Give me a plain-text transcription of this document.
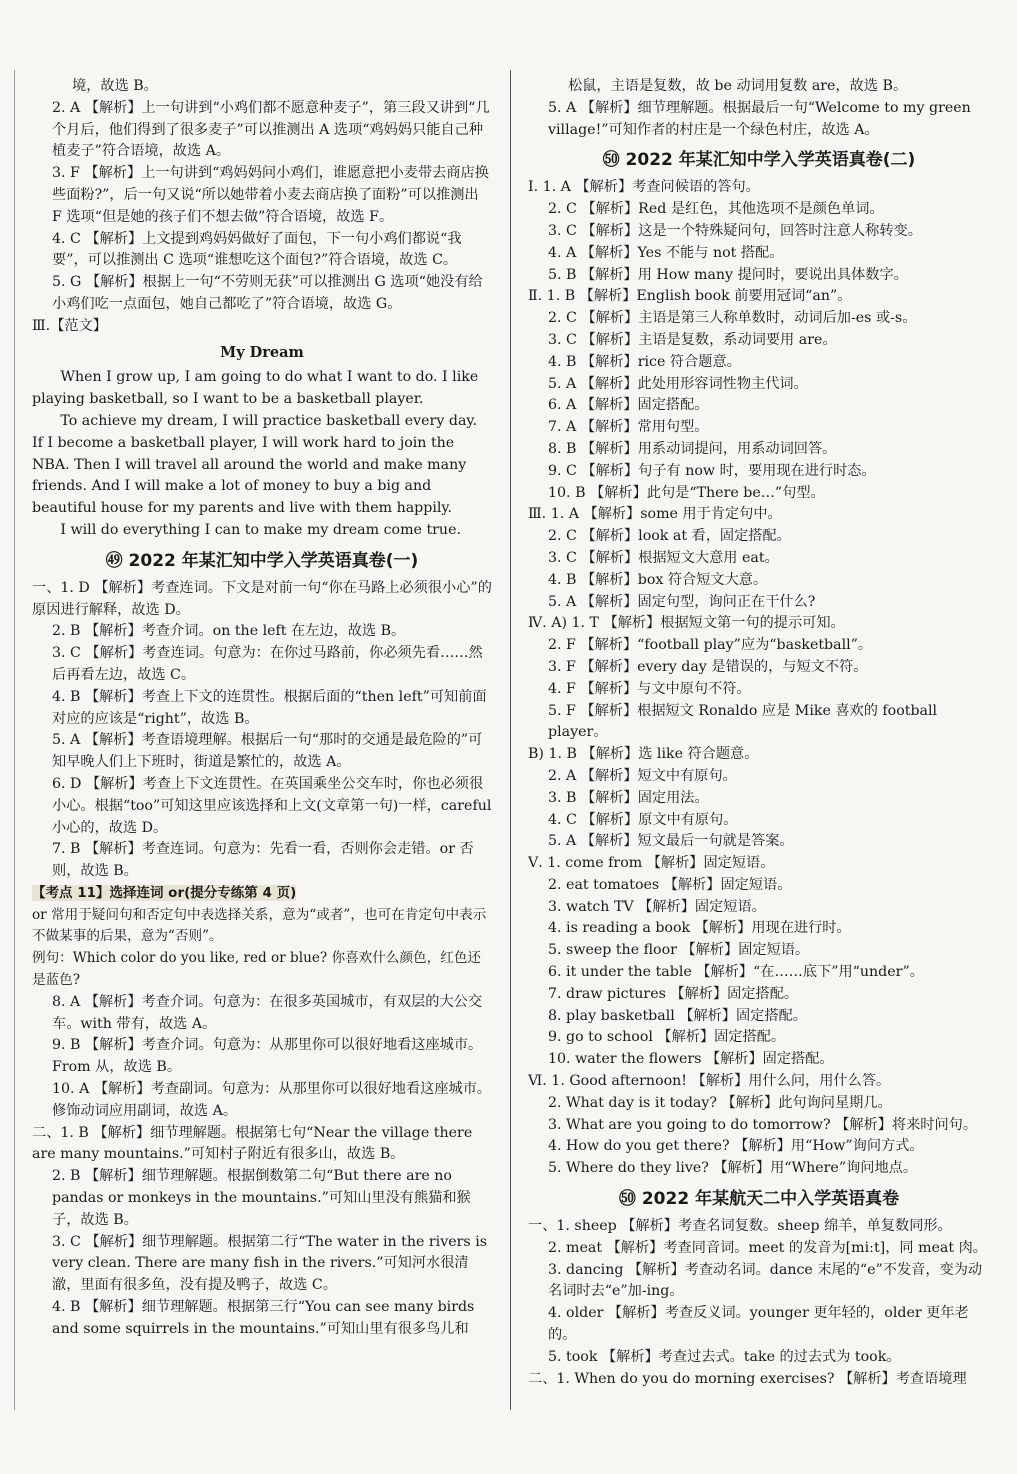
境，故选 B。
2. A 【解析】上一句讲到“小鸡们都不愿意种麦子”，第三段又讲到“几个月后，他们得到了很多麦子”可以推测出 A 选项“鸡妈妈只能自己种植麦子”符合语境，故选 A。
3. F 【解析】上一句讲到“鸡妈妈问小鸡们，谁愿意把小麦带去商店换些面粉?”，后一句又说“所以她带着小麦去商店换了面粉”可以推测出 F 选项“但是她的孩子们不想去做”符合语境，故选 F。
4. C 【解析】上文提到鸡妈妈做好了面包，下一句小鸡们都说“我要”，可以推测出 C 选项“谁想吃这个面包?”符合语境，故选 C。
5. G 【解析】根据上一句“不劳则无获”可以推测出 G 选项“她没有给小鸡们吃一点面包，她自己都吃了”符合语境，故选 G。
Ⅲ.【范文】
My Dream
When I grow up, I am going to do what I want to do. I like playing basketball, so I want to be a basketball player.
To achieve my dream, I will practice basketball every day. If I become a basketball player, I will work hard to join the NBA. Then I will travel all around the world and make many friends. And I will make a lot of money to buy a big and beautiful house for my parents and live with them happily.
I will do everything I can to make my dream come true.
㊾ 2022 年某汇知中学入学英语真卷(一)
一、1. D 【解析】考查连词。下文是对前一句“你在马路上必须很小心”的原因进行解释，故选 D。
2. B 【解析】考查介词。on the left 在左边，故选 B。
3. C 【解析】考查连词。句意为：在你过马路前，你必须先看……然后再看左边，故选 C。
4. B 【解析】考查上下文的连贯性。根据后面的“then left”可知前面对应的应该是“right”，故选 B。
5. A 【解析】考查语境理解。根据后一句“那时的交通是最危险的”可知早晚人们上下班时，街道是繁忙的，故选 A。
6. D 【解析】考查上下文连贯性。在英国乘坐公交车时，你也必须很小心。根据“too”可知这里应该选择和上文(文章第一句)一样，careful 小心的，故选 D。
7. B 【解析】考查连词。句意为：先看一看，否则你会走错。or 否则，故选 B。
【考点 11】选择连词 or(提分专练第 4 页)
or 常用于疑问句和否定句中表选择关系，意为“或者”，也可在肯定句中表示不做某事的后果，意为“否则”。
例句：Which color do you like, red or blue? 你喜欢什么颜色，红色还是蓝色?
8. A 【解析】考查介词。句意为：在很多英国城市，有双层的大公交车。with 带有，故选 A。
9. B 【解析】考查介词。句意为：从那里你可以很好地看这座城市。From 从，故选 B。
10. A 【解析】考查副词。句意为：从那里你可以很好地看这座城市。修饰动词应用副词，故选 A。
二、1. B 【解析】细节理解题。根据第七句“Near the village there are many mountains.”可知村子附近有很多山，故选 B。
2. B 【解析】细节理解题。根据倒数第二句“But there are no pandas or monkeys in the mountains.”可知山里没有熊猫和猴子，故选 B。
3. C 【解析】细节理解题。根据第二行“The water in the rivers is very clean. There are many fish in the rivers.”可知河水很清澈，里面有很多鱼，没有提及鸭子，故选 C。
4. B 【解析】细节理解题。根据第三行“You can see many birds and some squirrels in the mountains.”可知山里有很多鸟儿和
松鼠，主语是复数，故 be 动词用复数 are，故选 B。
5. A 【解析】细节理解题。根据最后一句“Welcome to my green village!”可知作者的村庄是一个绿色村庄，故选 A。
㊿ 2022 年某汇知中学入学英语真卷(二)
Ⅰ. 1. A 【解析】考查问候语的答句。
2. C 【解析】Red 是红色，其他选项不是颜色单词。
3. C 【解析】这是一个特殊疑问句，回答时注意人称转变。
4. A 【解析】Yes 不能与 not 搭配。
5. B 【解析】用 How many 提问时，要说出具体数字。
Ⅱ. 1. B 【解析】English book 前要用冠词“an”。
2. C 【解析】主语是第三人称单数时，动词后加-es 或-s。
3. C 【解析】主语是复数，系动词要用 are。
4. B 【解析】rice 符合题意。
5. A 【解析】此处用形容词性物主代词。
6. A 【解析】固定搭配。
7. A 【解析】常用句型。
8. B 【解析】用系动词提问，用系动词回答。
9. C 【解析】句子有 now 时，要用现在进行时态。
10. B 【解析】此句是“There be…”句型。
Ⅲ. 1. A 【解析】some 用于肯定句中。
2. C 【解析】look at 看，固定搭配。
3. C 【解析】根据短文大意用 eat。
4. B 【解析】box 符合短文大意。
5. A 【解析】固定句型，询问正在干什么?
Ⅳ. A) 1. T 【解析】根据短文第一句的提示可知。
2. F 【解析】“football play”应为“basketball”。
3. F 【解析】every day 是错误的，与短文不符。
4. F 【解析】与文中原句不符。
5. F 【解析】根据短文 Ronaldo 应是 Mike 喜欢的 football player。
B) 1. B 【解析】选 like 符合题意。
2. A 【解析】短文中有原句。
3. B 【解析】固定用法。
4. C 【解析】原文中有原句。
5. A 【解析】短文最后一句就是答案。
Ⅴ. 1. come from 【解析】固定短语。
2. eat tomatoes 【解析】固定短语。
3. watch TV 【解析】固定短语。
4. is reading a book 【解析】用现在进行时。
5. sweep the floor 【解析】固定短语。
6. it under the table 【解析】“在……底下”用“under”。
7. draw pictures 【解析】固定搭配。
8. play basketball 【解析】固定搭配。
9. go to school 【解析】固定搭配。
10. water the flowers 【解析】固定搭配。
Ⅵ. 1. Good afternoon! 【解析】用什么问，用什么答。
2. What day is it today? 【解析】此句询问星期几。
3. What are you going to do tomorrow? 【解析】将来时问句。
4. How do you get there? 【解析】用“How”询问方式。
5. Where do they live? 【解析】用“Where”询问地点。
㊿ 2022 年某航天二中入学英语真卷
一、1. sheep 【解析】考查名词复数。sheep 绵羊，单复数同形。
2. meat 【解析】考查同音词。meet 的发音为[miːt]，同 meat 肉。
3. dancing 【解析】考查动名词。dance 末尾的“e”不发音，变为动名词时去“e”加-ing。
4. older 【解析】考查反义词。younger 更年轻的，older 更年老的。
5. took 【解析】考查过去式。take 的过去式为 took。
二、1. When do you do morning exercises? 【解析】考查语境理
